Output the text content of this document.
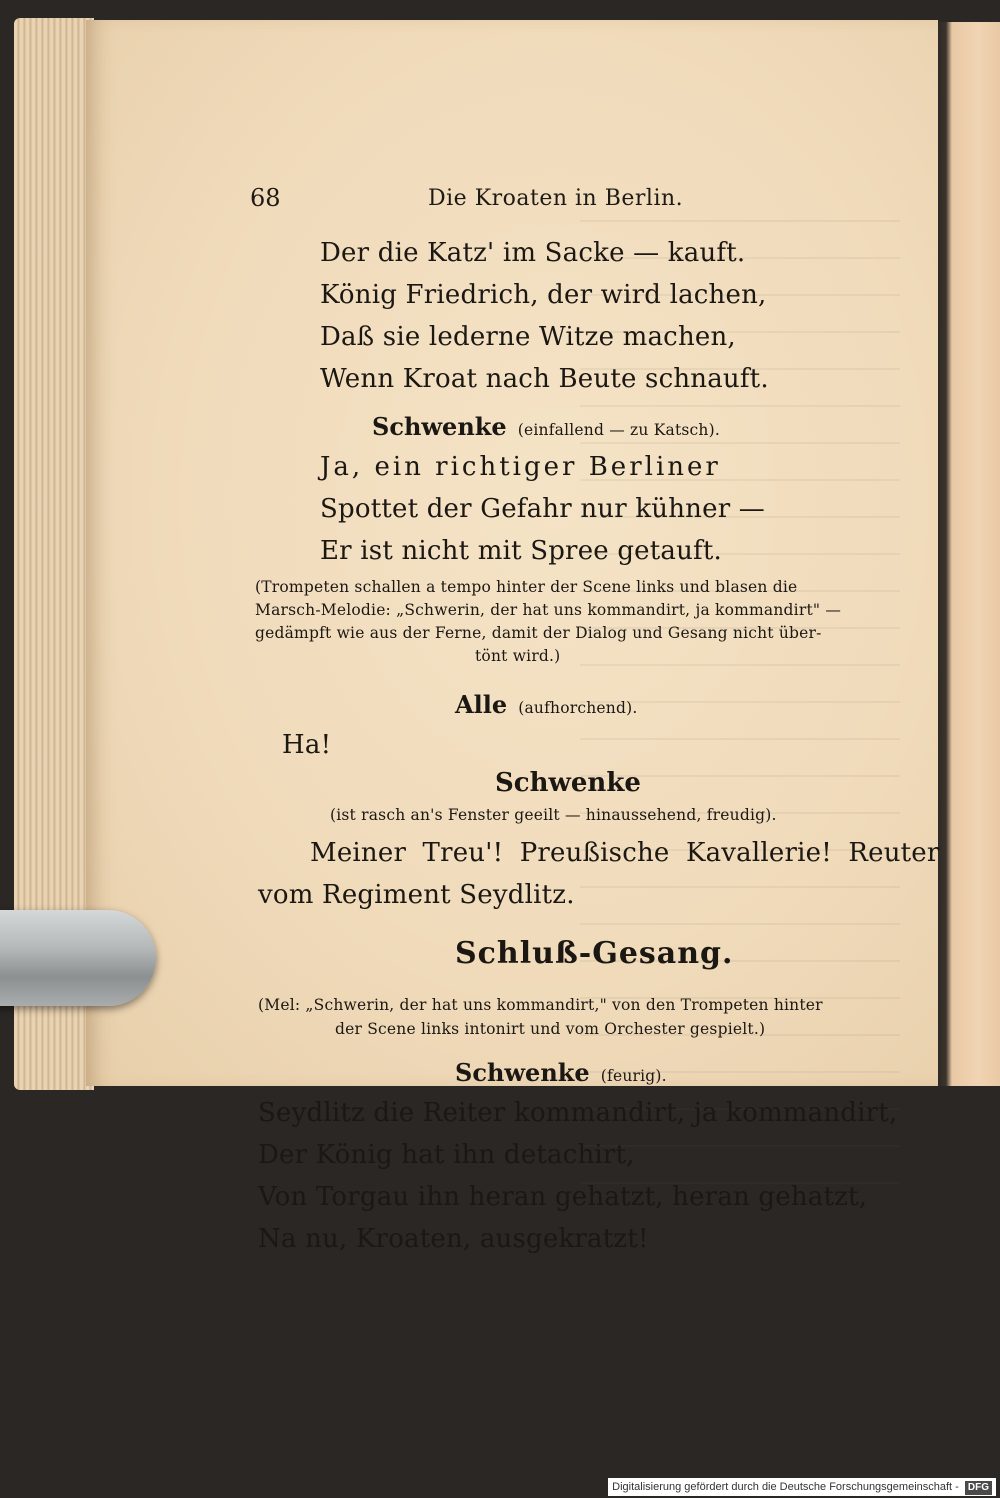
68	Die Kroaten in Berlin.
Der die Katz' im Sacke — kauft.
König Friedrich, der wird lachen,
Daß sie lederne Witze machen,
Wenn Kroat nach Beute schnauft.
Schwenke (einfallend — zu Katsch).
Ja, ein richtiger Berliner
Spottet der Gefahr nur kühner —
Er ist nicht mit Spree getauft.
(Trompeten schallen a tempo hinter der Scene links und blasen die
Marsch-Melodie: „Schwerin, der hat uns kommandirt, ja kommandirt" —
gedämpft wie aus der Ferne, damit der Dialog und Gesang nicht über-
tönt wird.)
Alle (aufhorchend).
Ha!
Schwenke
(ist rasch an's Fenster geeilt — hinaussehend, freudig).
Meiner Treu'! Preußische Kavallerie! Reuter
vom Regiment Seydlitz.
Schluß-Gesang.
(Mel: „Schwerin, der hat uns kommandirt," von den Trompeten hinter
der Scene links intonirt und vom Orchester gespielt.)
Schwenke (feurig).
Seydlitz die Reiter kommandirt, ja kommandirt,
Der König hat ihn detachirt,
Von Torgau ihn heran gehatzt, heran gehatzt,
Na nu, Kroaten, ausgekratzt!
Digitalisierung gefördert durch die Deutsche Forschungsgemeinschaft - DFG
